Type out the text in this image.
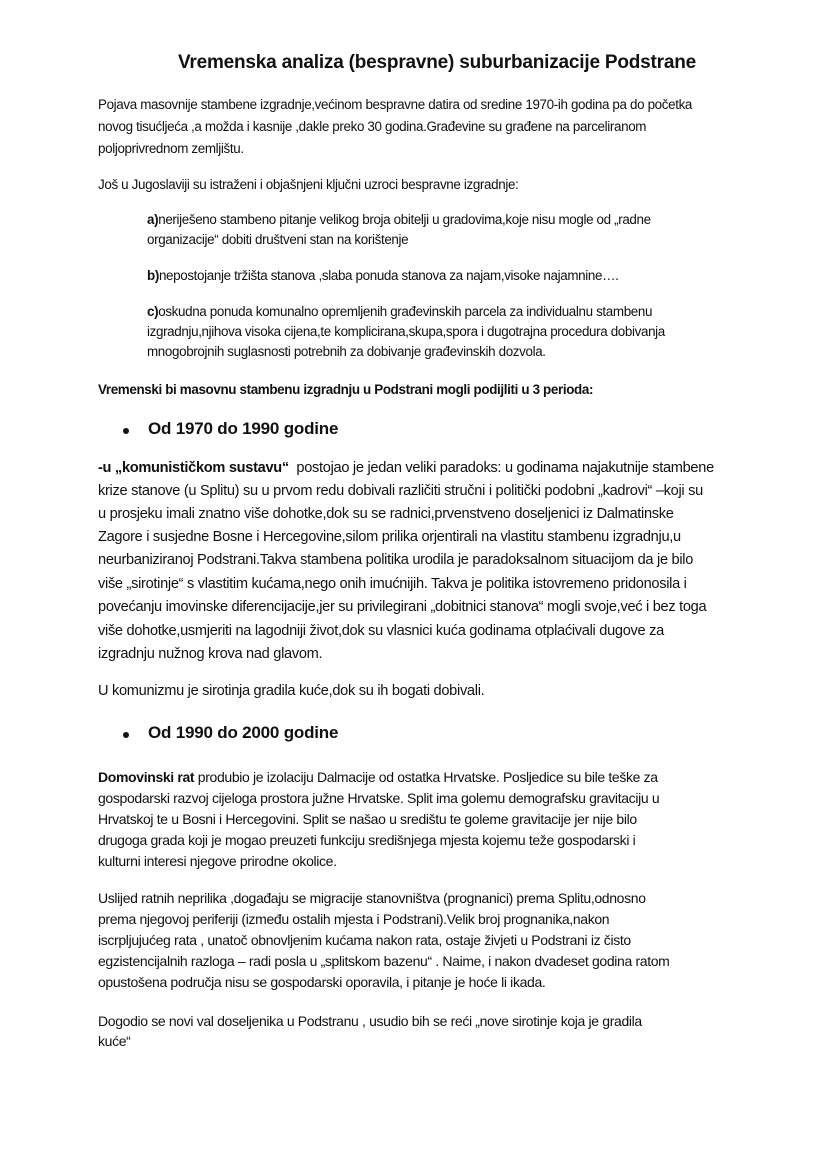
Vremenska analiza (bespravne) suburbanizacije Podstrane
Pojava masovnije stambene izgradnje,većinom bespravne datira od sredine 1970-ih godina pa do početka
novog tisućljeća ,a možda i kasnije ,dakle preko 30 godina.Građevine su građene na parceliranom
poljoprivrednom zemljištu.
Još u Jugoslaviji su istraženi i objašnjeni ključni uzroci bespravne izgradnje:
a)neriješeno stambeno pitanje velikog broja obitelji u gradovima,koje nisu mogle od „radne
organizacije“ dobiti društveni stan na korištenje
b)nepostojanje tržišta stanova ,slaba ponuda stanova za najam,visoke najamnine….
c)oskudna ponuda komunalno opremljenih građevinskih parcela za individualnu stambenu
izgradnju,njihova visoka cijena,te komplicirana,skupa,spora i dugotrajna procedura dobivanja
mnogobrojnih suglasnosti potrebnih za dobivanje građevinskih dozvola.
Vremenski bi masovnu stambenu izgradnju u Podstrani mogli podijliti u 3 perioda:
Od 1970 do 1990 godine
-u „komunističkom sustavu“  postojao je jedan veliki paradoks: u godinama najakutnije stambene
krize stanove (u Splitu) su u prvom redu dobivali različiti stručni i politički podobni „kadrovi“ –koji su
u prosjeku imali znatno više dohotke,dok su se radnici,prvenstveno doseljenici iz Dalmatinske
Zagore i susjedne Bosne i Hercegovine,silom prilika orjentirali na vlastitu stambenu izgradnju,u
neurbaniziranoj Podstrani.Takva stambena politika urodila je paradoksalnom situacijom da je bilo
više „sirotinje“ s vlastitim kućama,nego onih imućnijih. Takva je politika istovremeno pridonosila i
povećanju imovinske diferencijacije,jer su privilegirani „dobitnici stanova“ mogli svoje,već i bez toga
više dohotke,usmjeriti na lagodniji život,dok su vlasnici kuća godinama otplaćivali dugove za
izgradnju nužnog krova nad glavom.
U komunizmu je sirotinja gradila kuće,dok su ih bogati dobivali.
Od 1990 do 2000 godine
Domovinski rat produbio je izolaciju Dalmacije od ostatka Hrvatske. Posljedice su bile teške za
gospodarski razvoj cijeloga prostora južne Hrvatske. Split ima golemu demografsku gravitaciju u
Hrvatskoj te u Bosni i Hercegovini. Split se našao u središtu te goleme gravitacije jer nije bilo
drugoga grada koji je mogao preuzeti funkciju središnjega mjesta kojemu teže gospodarski i
kulturni interesi njegove prirodne okolice.
Uslijed ratnih neprilika ,događaju se migracije stanovništva (prognanici) prema Splitu,odnosno
prema njegovoj periferiji (između ostalih mjesta i Podstrani).Velik broj prognanika,nakon
iscrpljujućeg rata , unatoč obnovljenim kućama nakon rata, ostaje živjeti u Podstrani iz čisto
egzistencijalnih razloga – radi posla u „splitskom bazenu“ . Naime, i nakon dvadeset godina ratom
opustošena područja nisu se gospodarski oporavila, i pitanje je hoće li ikada.
Dogodio se novi val doseljenika u Podstranu , usudio bih se reći „nove sirotinje koja je gradila
kuće“
